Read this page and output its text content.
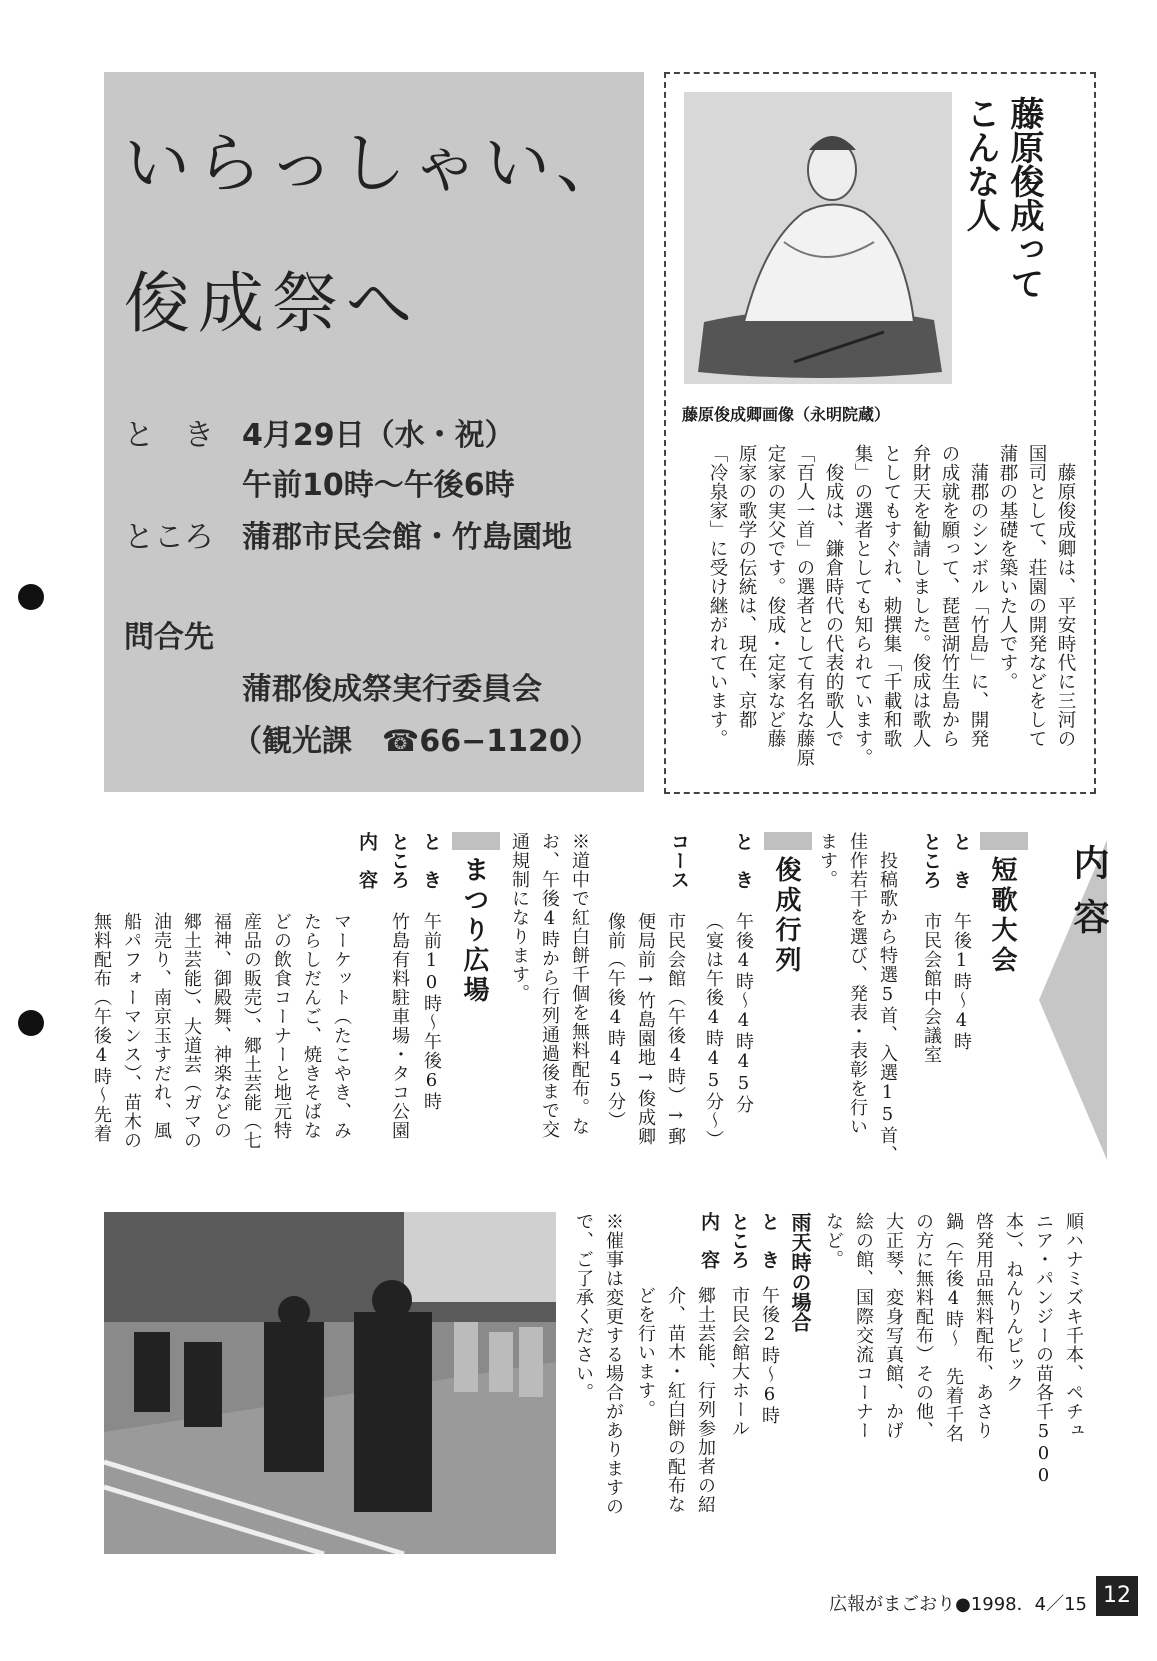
いらっしゃい、
俊成祭へ
と　き 4月29日（水・祝）
午前10時〜午後6時
ところ 蒲郡市民会館・竹島園地
問合先
蒲郡俊成祭実行委員会
（観光課　☎66−1120）
藤原俊成卿画像（永明院蔵）
藤原俊成って
こんな人
　藤原俊成卿は、平安時代に三河の
国司として、荘園の開発などをして
蒲郡の基礎を築いた人です。
　蒲郡のシンボル「竹島」に、開発
の成就を願って、琵琶湖竹生島から
弁財天を勧請しました。俊成は歌人
としてもすぐれ、勅撰集「千載和歌
集」の選者としても知られています。
　俊成は、鎌倉時代の代表的歌人で
「百人一首」の選者として有名な藤原
定家の実父です。俊成・定家など藤
原家の歌学の伝統は、現在、京都
「冷泉家」に受け継がれています。
内容
短歌大会
と　き
午後1時〜4時
ところ
市民会館中会議室
　投稿歌から特選5首、入選15首、
佳作若干を選び、発表・表彰を行い
ます。
俊成行列
と　き
午後4時〜4時45分
（宴は午後4時45分〜）
コース
市民会館（午後4時）→郵
便局前→竹島園地→俊成卿
像前（午後4時45分）
※道中で紅白餅千個を無料配布。な
お、午後4時から行列通過後まで交
通規制になります。
まつり広場
と　き
午前10時〜午後6時
ところ
竹島有料駐車場・タコ公園
内　容
マーケット（たこやき、み
たらしだんご、焼きそばな
どの飲食コーナーと地元特
産品の販売）、郷土芸能（七
福神、御殿舞、神楽などの
郷土芸能）、大道芸（ガマの
油売り、南京玉すだれ、風
船パフォーマンス）、苗木の
無料配布（午後4時〜先着
順ハナミズキ千本、ペチュ
ニア・パンジーの苗各千500
本）、ねんりんピック
啓発用品無料配布、あさり
鍋（午後4時〜　先着千名
の方に無料配布）その他、
大正琴、変身写真館、かげ
絵の館、国際交流コーナー
など。
雨天時の場合
と　き
午後2時〜6時
ところ
市民会館大ホール
内　容
郷土芸能、行列参加者の紹
介、苗木・紅白餅の配布な
どを行います。
※催事は変更する場合がありますの
で、ご了承ください。
広報がまごおり●1998．4／15 12
